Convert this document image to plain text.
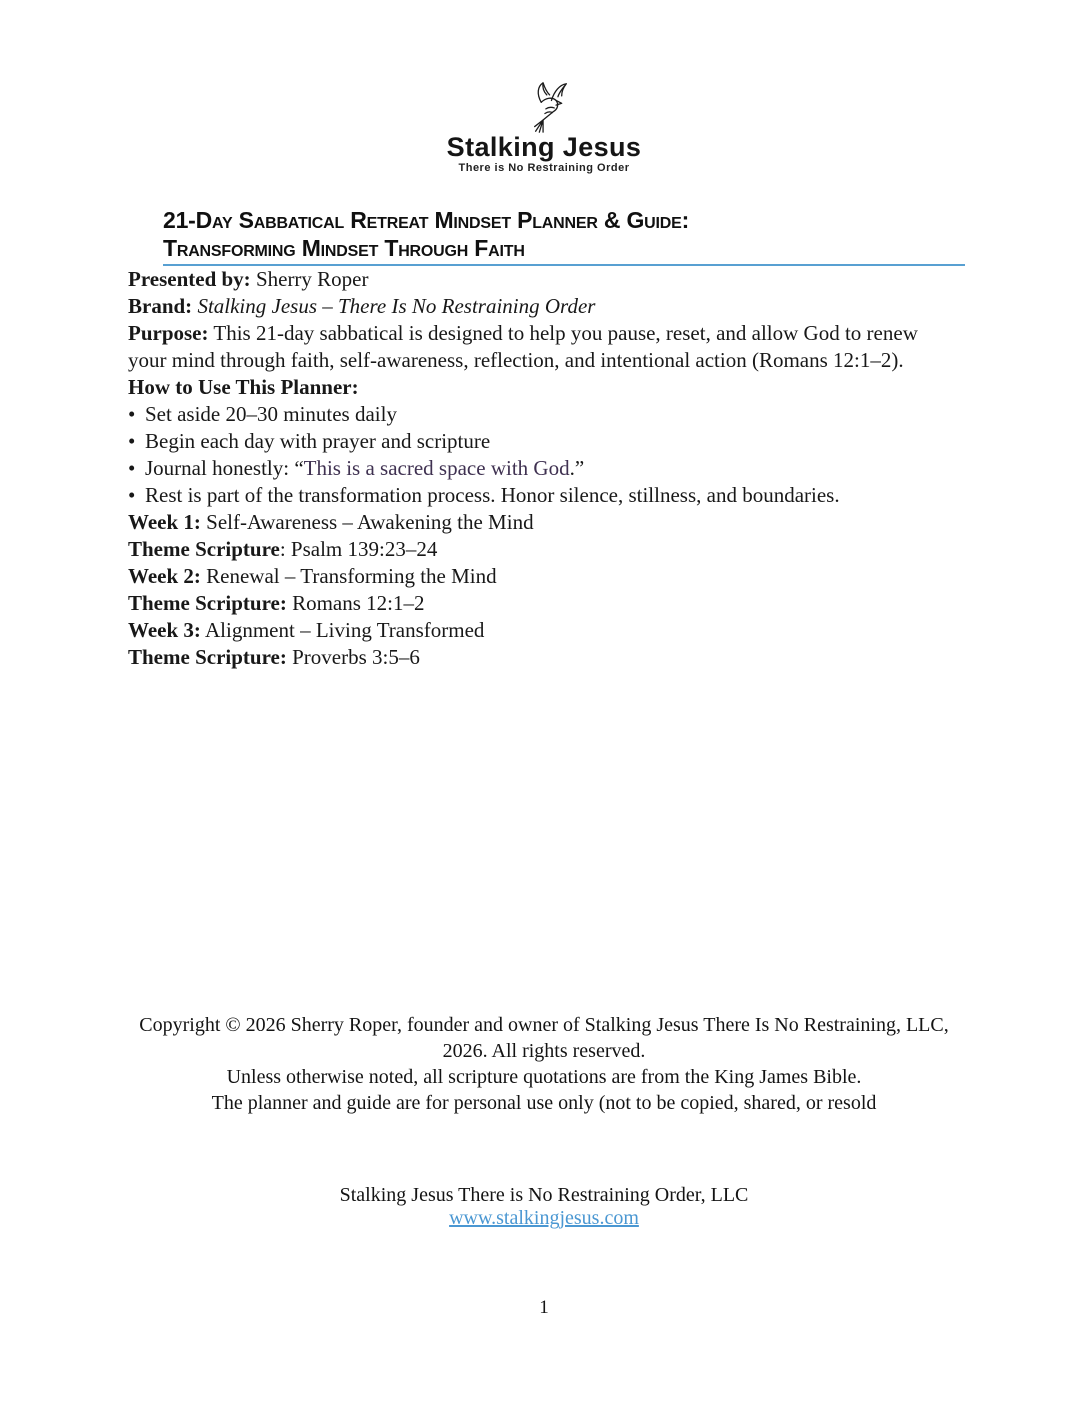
Stalking Jesus
There is No Restraining Order
21-Day Sabbatical Retreat Mindset Planner & Guide:
Transforming Mindset Through Faith

Presented by: Sherry Roper
Brand: Stalking Jesus – There Is No Restraining Order

Purpose: This 21-day sabbatical is designed to help you pause, reset, and allow God to renew your mind through faith, self-awareness, reflection, and intentional action (Romans 12:1–2).

How to Use This Planner:

• Set aside 20–30 minutes daily

• Begin each day with prayer and scripture

• Journal honestly: “This is a sacred space with God.”

• Rest is part of the transformation process. Honor silence, stillness, and boundaries.

Week 1: Self-Awareness – Awakening the Mind
Theme Scripture: Psalm 139:23–24

Week 2: Renewal – Transforming the Mind
Theme Scripture: Romans 12:1–2

Week 3: Alignment – Living Transformed
Theme Scripture: Proverbs 3:5–6

Copyright © 2026 Sherry Roper, founder and owner of Stalking Jesus There Is No Restraining, LLC,
2026. All rights reserved.
Unless otherwise noted, all scripture quotations are from the King James Bible.
The planner and guide are for personal use only (not to be copied, shared, or resold
Stalking Jesus There is No Restraining Order, LLC
www.stalkingjesus.com
1
